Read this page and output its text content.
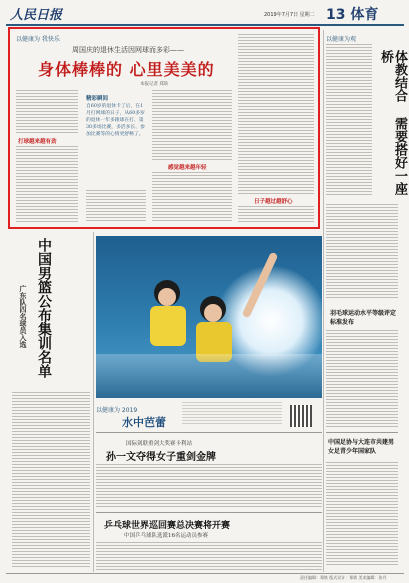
人民日报	2019年7月7日 星期二 13 体育
以健康为 我快乐
周国庆的退休生活因网球而多彩——
身体棒棒的 心里美美的
本报记者 郑轶
打球越来越有劲
精彩瞬间
自60岁的退休卡了后，在1月打网球的日子，从60多岁的退休一年多跟球在打、第30多场比赛，多活多长、参加比赛等的心情更舒畅了。
感觉越来越年轻
日子越过越舒心
以健康为观
体教结合 需要搭好一座桥
中国男篮公布集训名单
广东队四名球员入选	羽毛球运动水平等级评定标准发布
以健康为 2019
水中芭蕾
国际剑联重剑大奖赛卡利站
孙一文夺得女子重剑金牌
乒乓球世界巡回赛总决赛将开赛
中国乒乓球队选派16名运动员参赛
中国足协与大连市共建男女足青少年国家队
责任编辑：郑轶 版式设计：郑轶 美术编辑：张丹
